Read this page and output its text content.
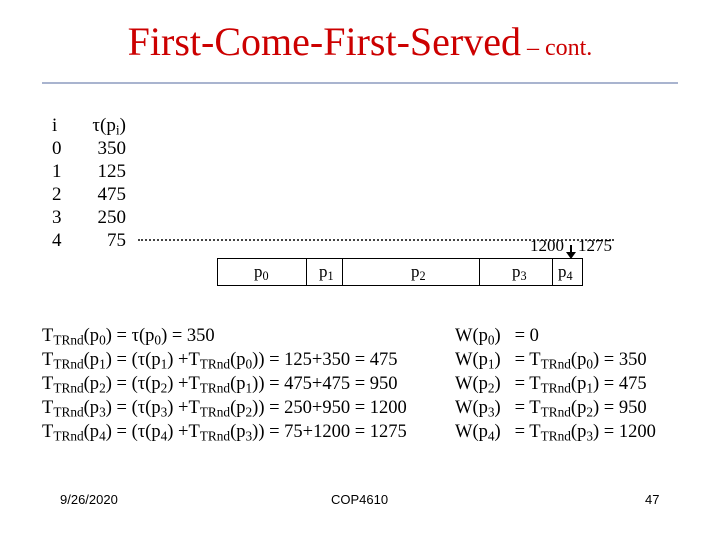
First-Come-First-Served – cont.
i	$\tau(p_i)$
0	350
1	125
2	475
3	250
4	75	1200 1275
$p_0$	$p_1$	$p_2$	$p_3$ $p_4$
$T_{TRnd}(p_0) = \tau(p_0) = 350$
$T_{TRnd}(p_1) = (\tau(p_1) +T_{TRnd}(p_0)) = 125+350 = 475$
$T_{TRnd}(p_2) = (\tau(p_2) +T_{TRnd}(p_1)) = 475+475 = 950$
$T_{TRnd}(p_3) = (\tau(p_3) +T_{TRnd}(p_2)) = 250+950 = 1200$
$T_{TRnd}(p_4) = (\tau(p_4) +T_{TRnd}(p_3)) = 75+1200 = 1275$
$W(p_0) = 0$
$W(p_1) = T_{TRnd}(p_0) = 350$
$W(p_2) = T_{TRnd}(p_1) = 475$
$W(p_3) = T_{TRnd}(p_2) = 950$
$W(p_4) = T_{TRnd}(p_3) = 1200$
9/26/2020	COP4610	47
